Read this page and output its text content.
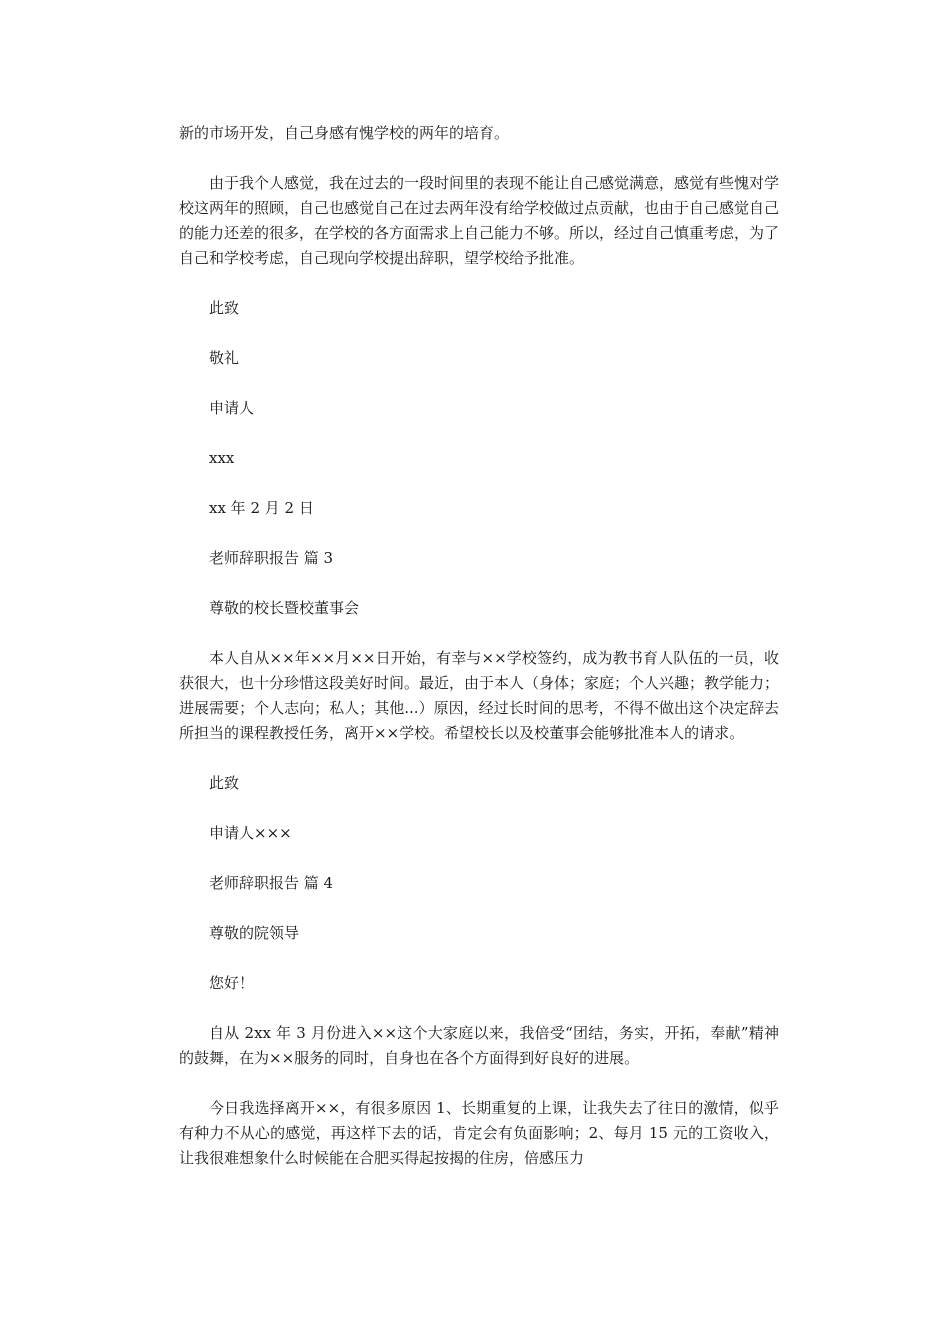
新的市场开发，自己身感有愧学校的两年的培育。

由于我个人感觉，我在过去的一段时间里的表现不能让自己感觉满意，感觉有些愧对学校这两年的照顾，自己也感觉自己在过去两年没有给学校做过点贡献，也由于自己感觉自己的能力还差的很多，在学校的各方面需求上自己能力不够。所以，经过自己慎重考虑，为了自己和学校考虑，自己现向学校提出辞职，望学校给予批准。

此致

敬礼

申请人

xxx

xx 年 2 月 2 日

老师辞职报告 篇 3

尊敬的校长暨校董事会

本人自从××年××月××日开始，有幸与××学校签约，成为教书育人队伍的一员，收获很大，也十分珍惜这段美好时间。最近，由于本人（身体；家庭；个人兴趣；教学能力；进展需要；个人志向；私人；其他...）原因，经过长时间的思考，不得不做出这个决定辞去所担当的课程教授任务，离开××学校。希望校长以及校董事会能够批准本人的请求。

此致

申请人×××

老师辞职报告 篇 4

尊敬的院领导

您好！

自从 2xx 年 3 月份进入××这个大家庭以来，我倍受“团结，务实，开拓，奉献”精神的鼓舞，在为××服务的同时，自身也在各个方面得到好良好的进展。

今日我选择离开××，有很多原因 1、长期重复的上课，让我失去了往日的激情，似乎有种力不从心的感觉，再这样下去的话，肯定会有负面影响；2、每月 15 元的工资收入，让我很难想象什么时候能在合肥买得起按揭的住房，倍感压力
